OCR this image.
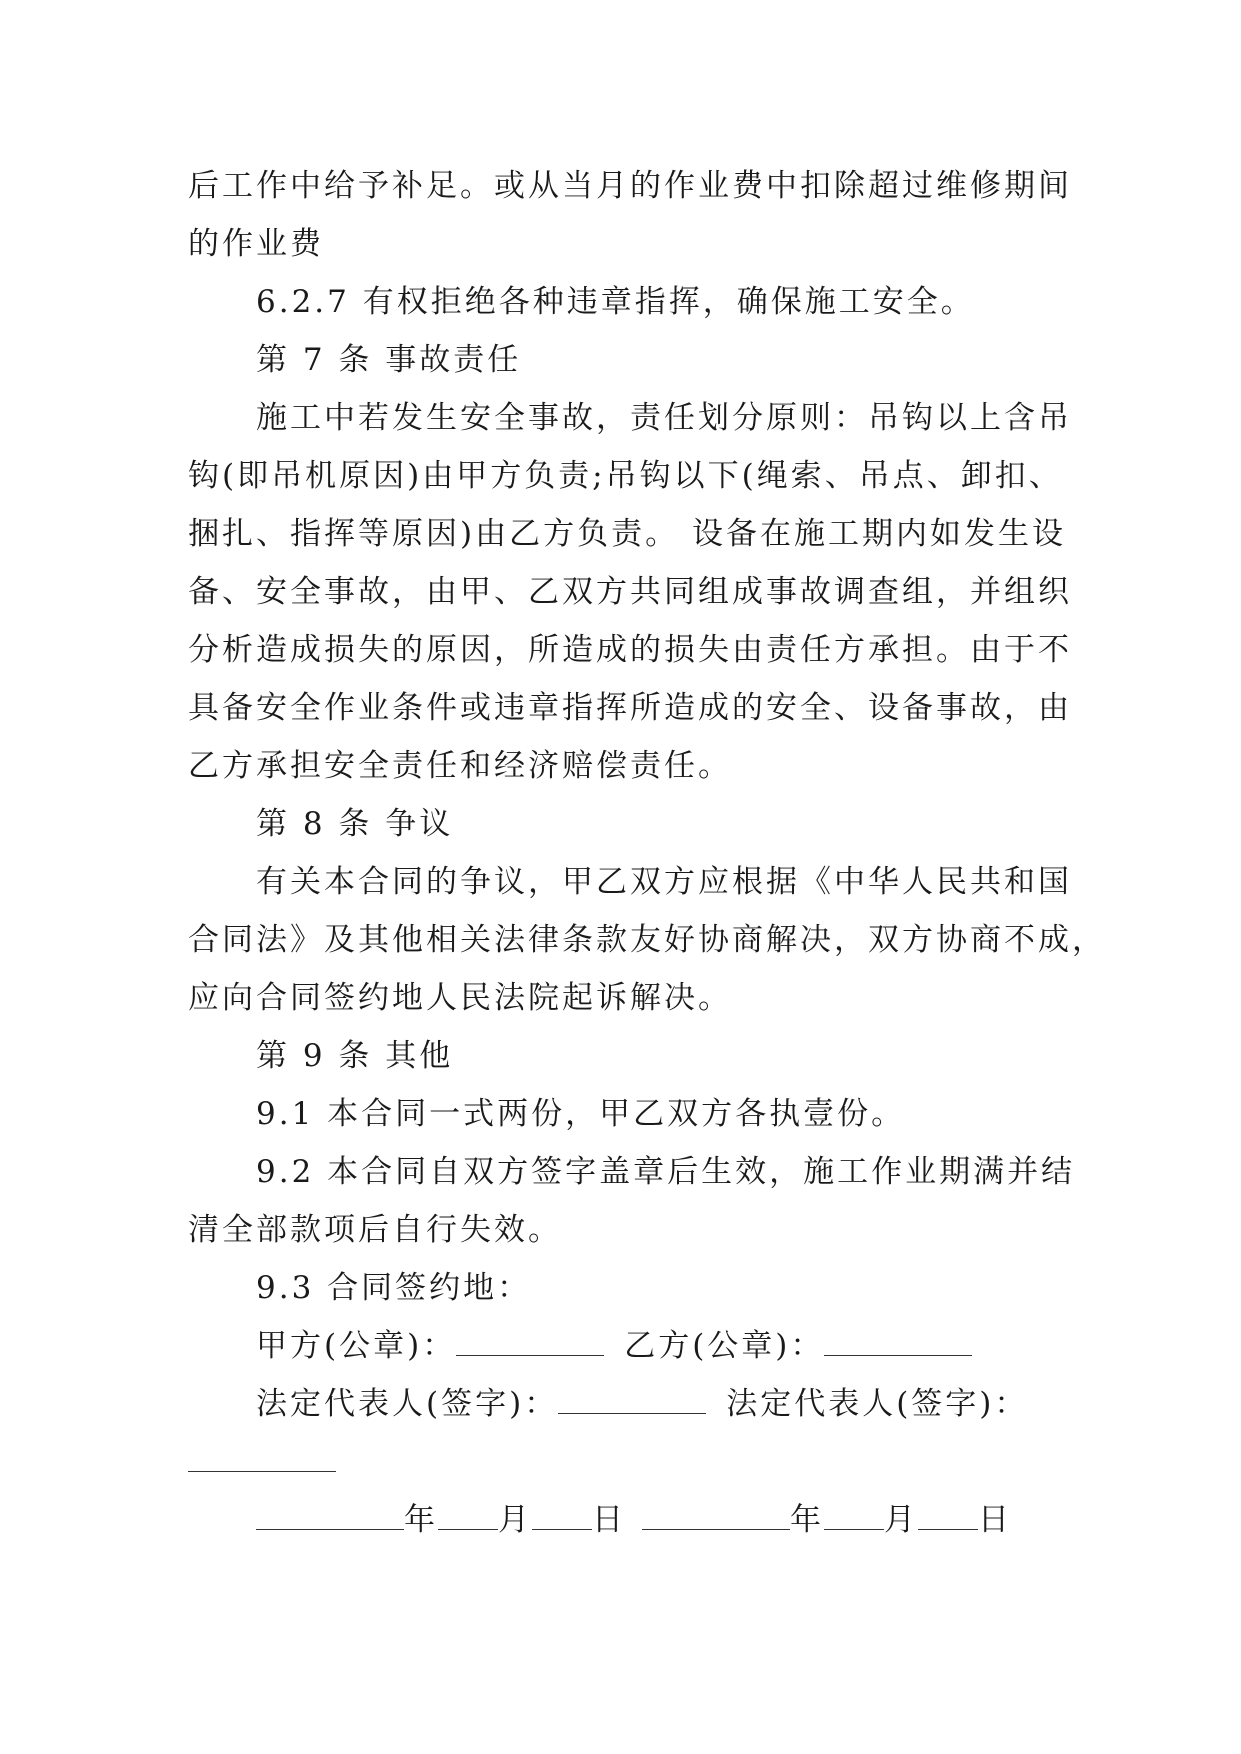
后工作中给予补足。或从当月的作业费中扣除超过维修期间

的作业费

6.2.7 有权拒绝各种违章指挥，确保施工安全。

第 7 条 事故责任

施工中若发生安全事故，责任划分原则：吊钩以上含吊

钩(即吊机原因)由甲方负责;吊钩以下(绳索、吊点、卸扣、

捆扎、指挥等原因)由乙方负责。 设备在施工期内如发生设

备、安全事故，由甲、乙双方共同组成事故调查组，并组织

分析造成损失的原因，所造成的损失由责任方承担。由于不

具备安全作业条件或违章指挥所造成的安全、设备事故，由

乙方承担安全责任和经济赔偿责任。

第 8 条 争议

有关本合同的争议，甲乙双方应根据《中华人民共和国

合同法》及其他相关法律条款友好协商解决，双方协商不成，

应向合同签约地人民法院起诉解决。

第 9 条 其他

9.1 本合同一式两份，甲乙双方各执壹份。

9.2 本合同自双方签字盖章后生效，施工作业期满并结

清全部款项后自行失效。

9.3 合同签约地：

甲方(公章)：	乙方(公章)：

法定代表人(签字)：	法定代表人(签字)：

年 月 日	年 月 日
